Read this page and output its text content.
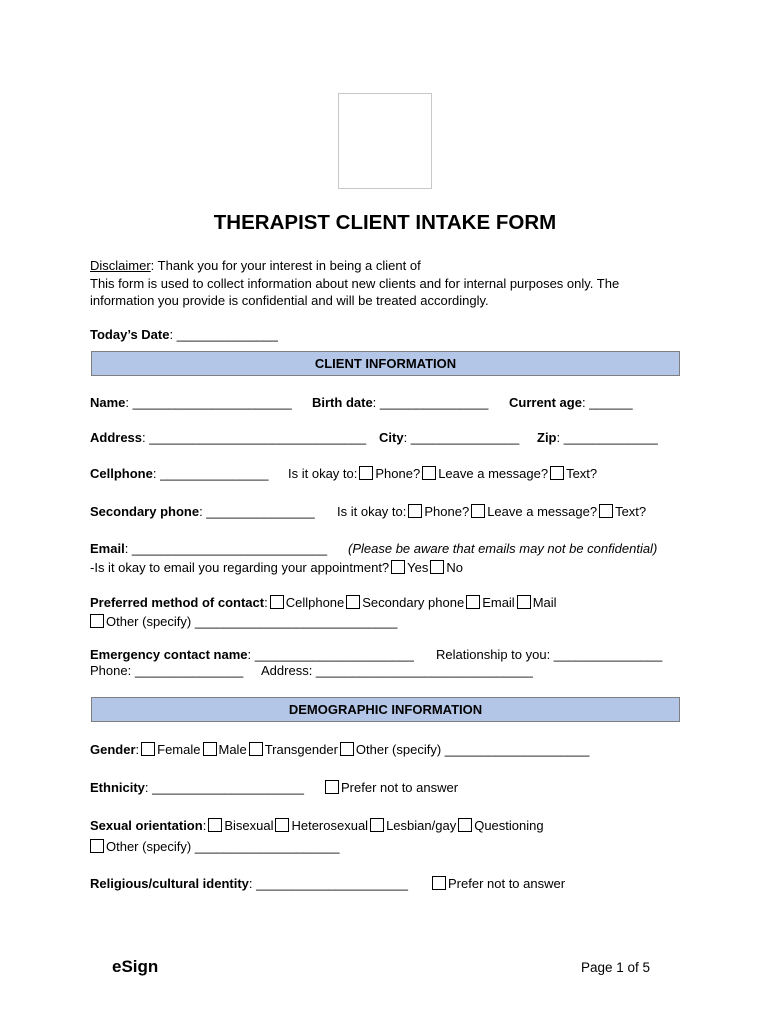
THERAPIST CLIENT INTAKE FORM
Disclaimer: Thank you for your interest in being a client of
This form is used to collect information about new clients and for internal purposes only. The
information you provide is confidential and will be treated accordingly.
Today’s Date: ______________
CLIENT INFORMATION
Name: ______________________ Birth date: _______________ Current age: ______
Address: ______________________________ City: _______________ Zip: _____________
Cellphone: _______________ Is it okay to: Phone? Leave a message? Text?
Secondary phone: _______________ Is it okay to: Phone? Leave a message? Text?
Email: ___________________________ (Please be aware that emails may not be confidential)
-Is it okay to email you regarding your appointment? Yes No
Preferred method of contact: Cellphone Secondary phone Email Mail
Other (specify) ____________________________
Emergency contact name: ______________________ Relationship to you: _______________
Phone: _______________ Address: ______________________________
DEMOGRAPHIC INFORMATION
Gender: Female Male Transgender Other (specify) ____________________
Ethnicity: _____________________	Prefer not to answer
Sexual orientation: Bisexual Heterosexual Lesbian/gay Questioning
Other (specify) ____________________
Religious/cultural identity: _____________________	Prefer not to answer
eSign	Page 1 of 5
